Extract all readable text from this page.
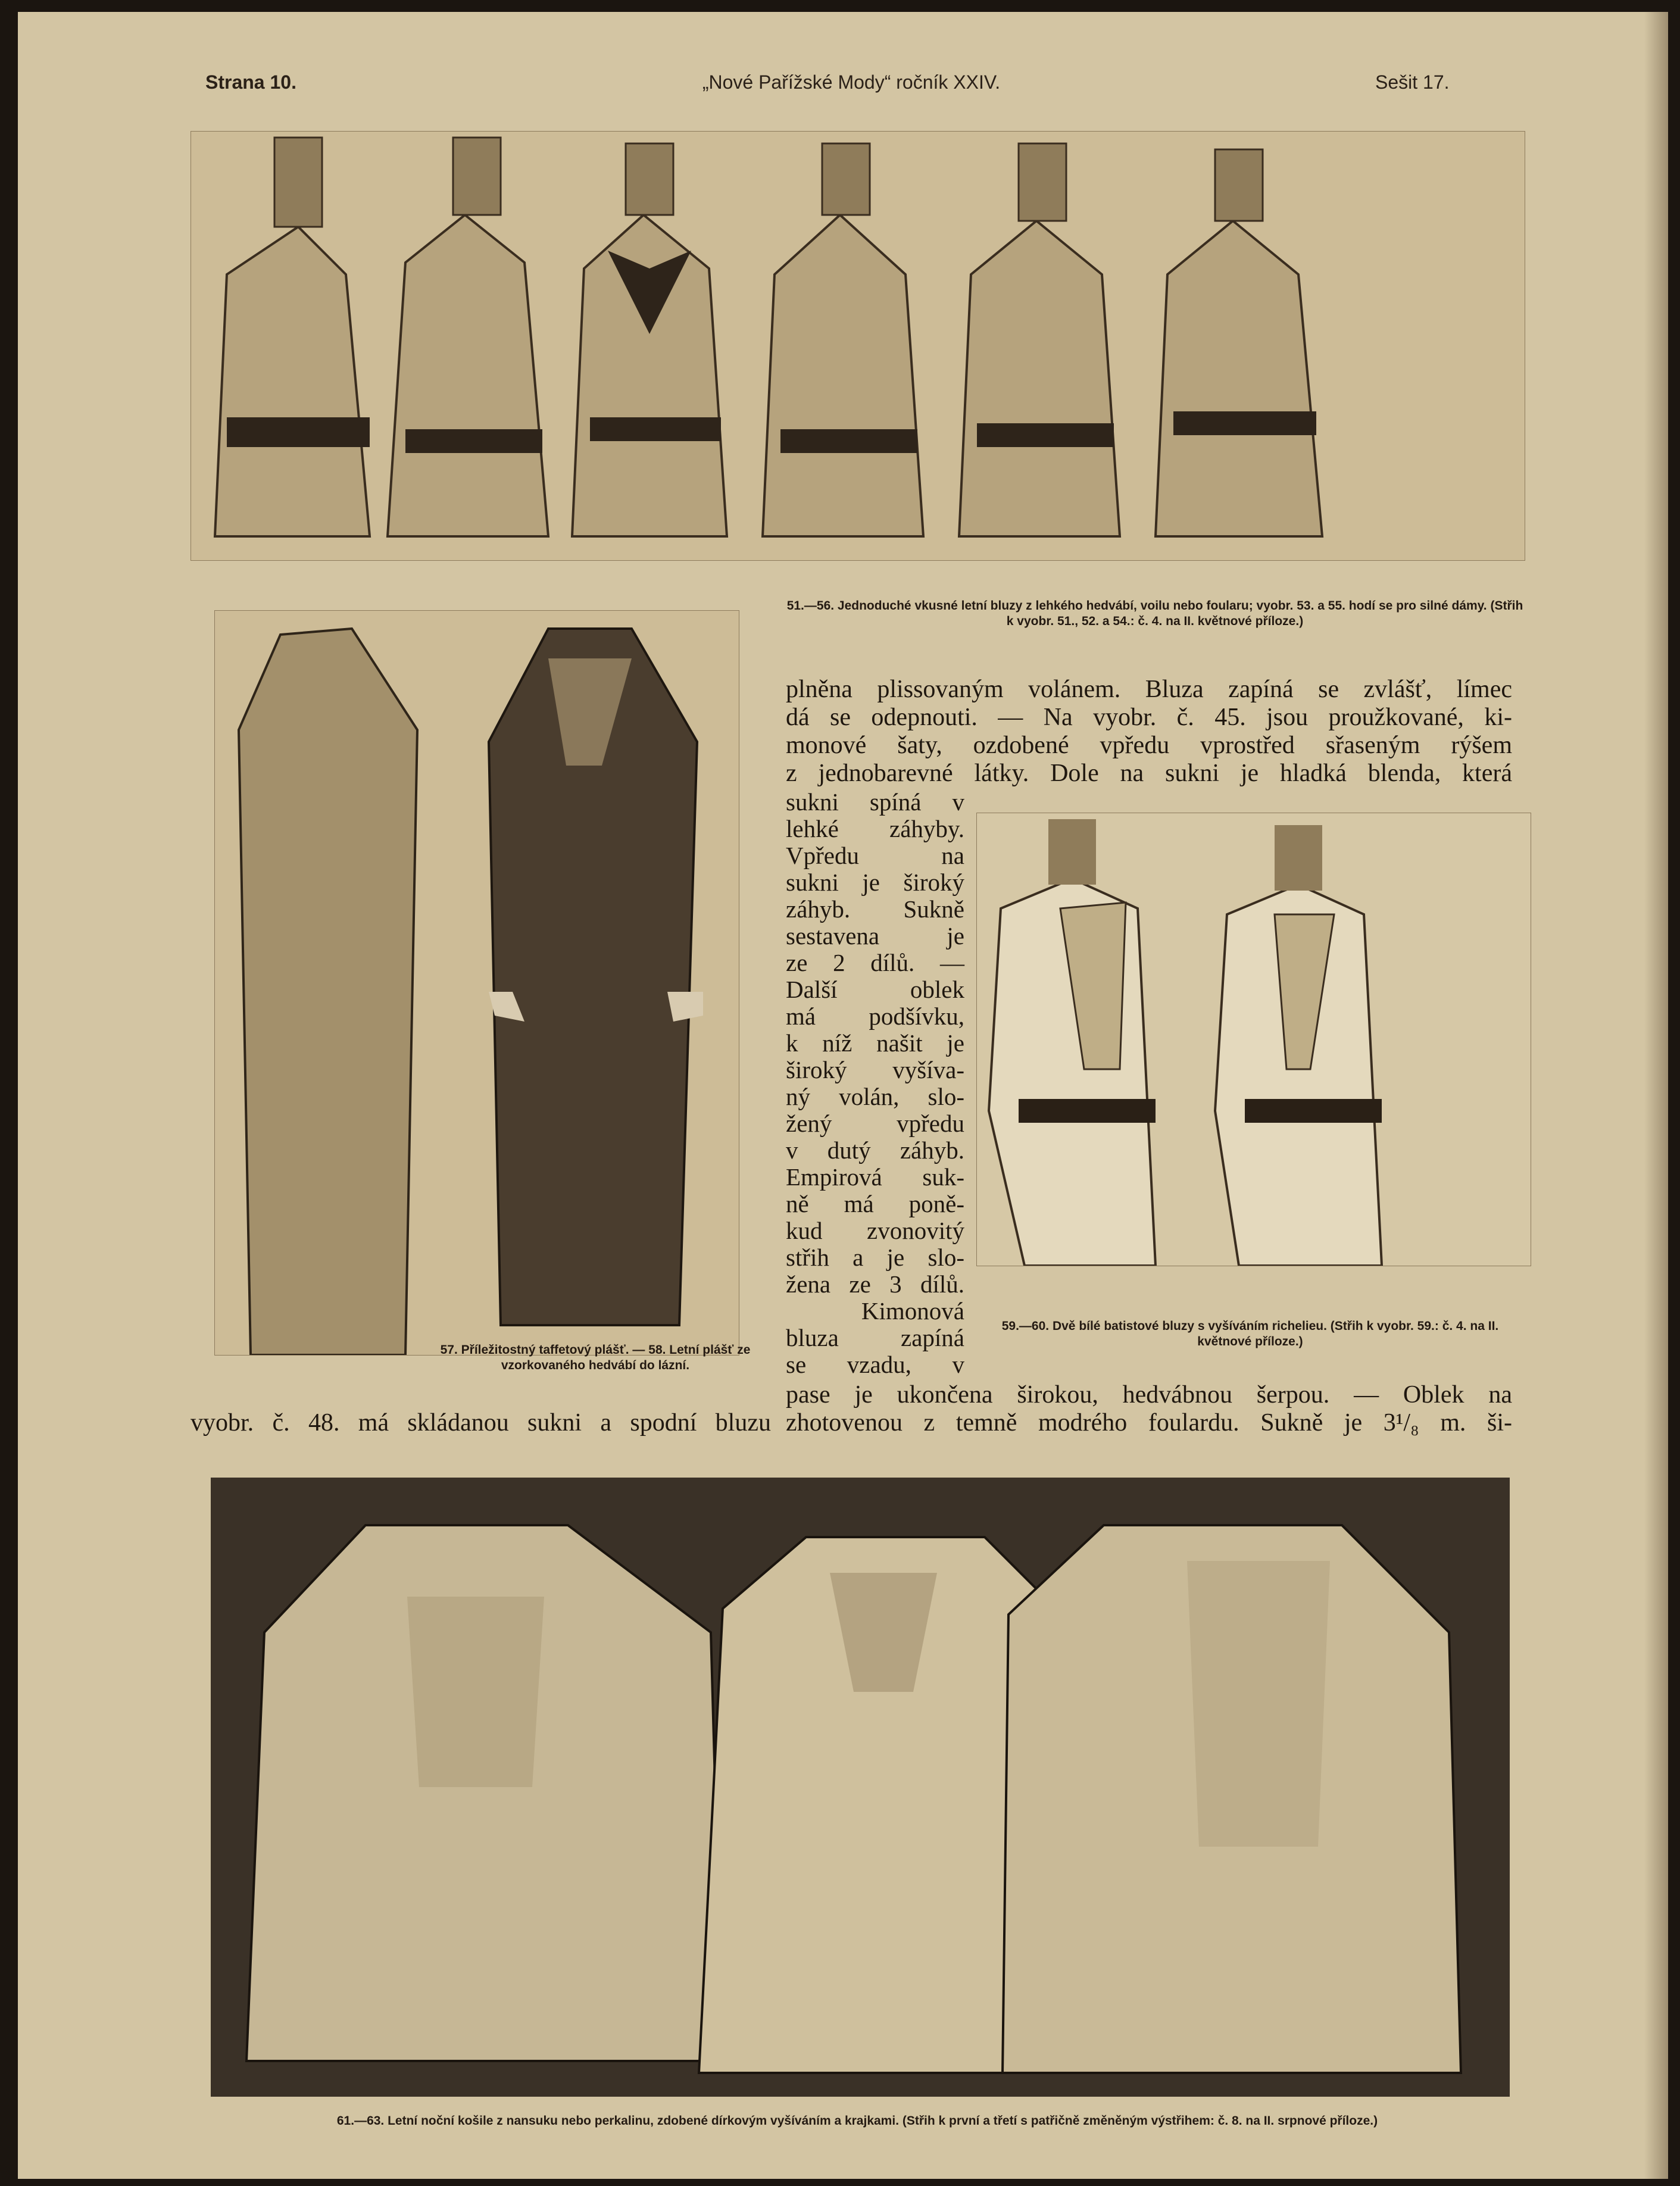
Strana 10.	„Nové Pařížské Mody“ ročník XXIV.	Sešit 17.
51.—56. Jednoduché vkusné letní bluzy z lehkého hedvábí, voilu nebo foularu; vyobr. 53. a 55. hodí se pro silné dámy. (Střih k vyobr. 51., 52. a 54.: č. 4. na II. květnové příloze.)
57. Příležitostný taffetový plášť. — 58. Letní plášť ze vzorkovaného hedvábí do lázní.
plněna plissovaným volánem. Bluza zapíná se zvlášť, límec
dá se odepnouti. — Na vyobr. č. 45. jsou proužkované, ki-
monové šaty, ozdobené vpředu vprostřed sřaseným rýšem
z jednobarevné látky. Dole na sukni je hladká blenda, která
sukni spíná v
lehké záhyby.
Vpředu na
sukni je široký
záhyb. Sukně
sestavena je
ze 2 dílů. —
Další oblek
má podšívku,
k níž našit je
široký vyšíva-
ný volán, slo-
žený vpředu
v dutý záhyb.
Empirová suk-
ně má poně-
kud zvonovitý
střih a je slo-
žena ze 3 dílů.
Kimonová
bluza zapíná
se vzadu, v
59.—60. Dvě bílé batistové bluzy s vyšíváním richelieu. (Střih k vyobr. 59.: č. 4. na II. květnové příloze.)
pase je ukončena širokou, hedvábnou šerpou. — Oblek na
vyobr. č. 48. má skládanou sukni a spodní bluzu zhotovenou z temně modrého foulardu. Sukně je 3¹/₈ m. ši-
61.—63. Letní noční košile z nansuku nebo perkalinu, zdobené dírkovým vyšíváním a krajkami. (Střih k první a třetí s patřičně změněným výstřihem: č. 8. na II. srpnové příloze.)
